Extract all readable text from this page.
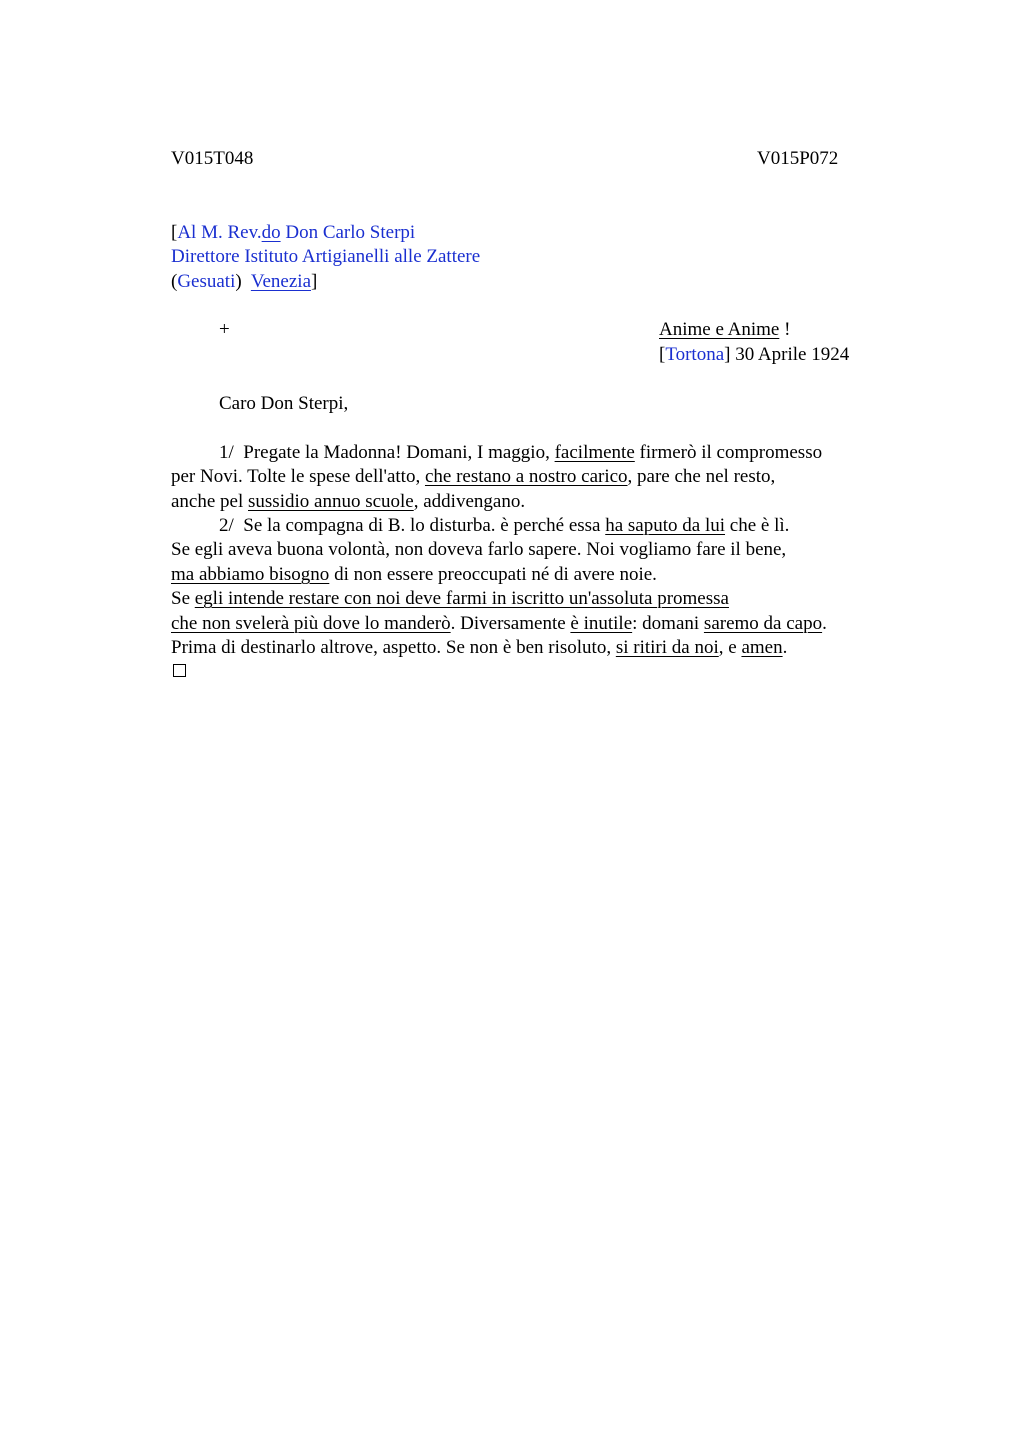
V015T048	V015P072
[Al M. Rev.do Don Carlo Sterpi
Direttore Istituto Artigianelli alle Zattere
(Gesuati) Venezia]
+	Anime e Anime !
[Tortona] 30 Aprile 1924
Caro Don Sterpi,
1/  Pregate la Madonna! Domani, I maggio, facilmente firmerò il compromesso
per Novi. Tolte le spese dell'atto, che restano a nostro carico, pare che nel resto,
anche pel sussidio annuo scuole, addivengano.
2/  Se la compagna di B. lo disturba. è perché essa ha saputo da lui che è lì.
Se egli aveva buona volontà, non doveva farlo sapere. Noi vogliamo fare il bene,
ma abbiamo bisogno di non essere preoccupati né di avere noie.
Se egli intende restare con noi deve farmi in iscritto un'assoluta promessa
che non svelerà più dove lo manderò. Diversamente è inutile: domani saremo da capo.
Prima di destinarlo altrove, aspetto. Se non è ben risoluto, si ritiri da noi, e amen.
